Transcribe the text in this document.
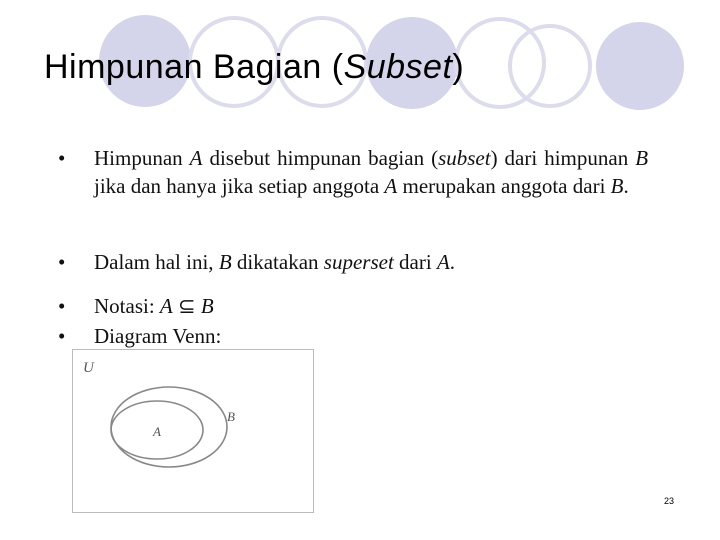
Himpunan Bagian (Subset)
• Himpunan A disebut himpunan bagian (subset) dari himpunan B jika dan hanya jika setiap anggota A merupakan anggota dari B.
• Dalam hal ini, B dikatakan superset dari A.
• Notasi: A ⊆ B
• Diagram Venn:
U
B
A
23
